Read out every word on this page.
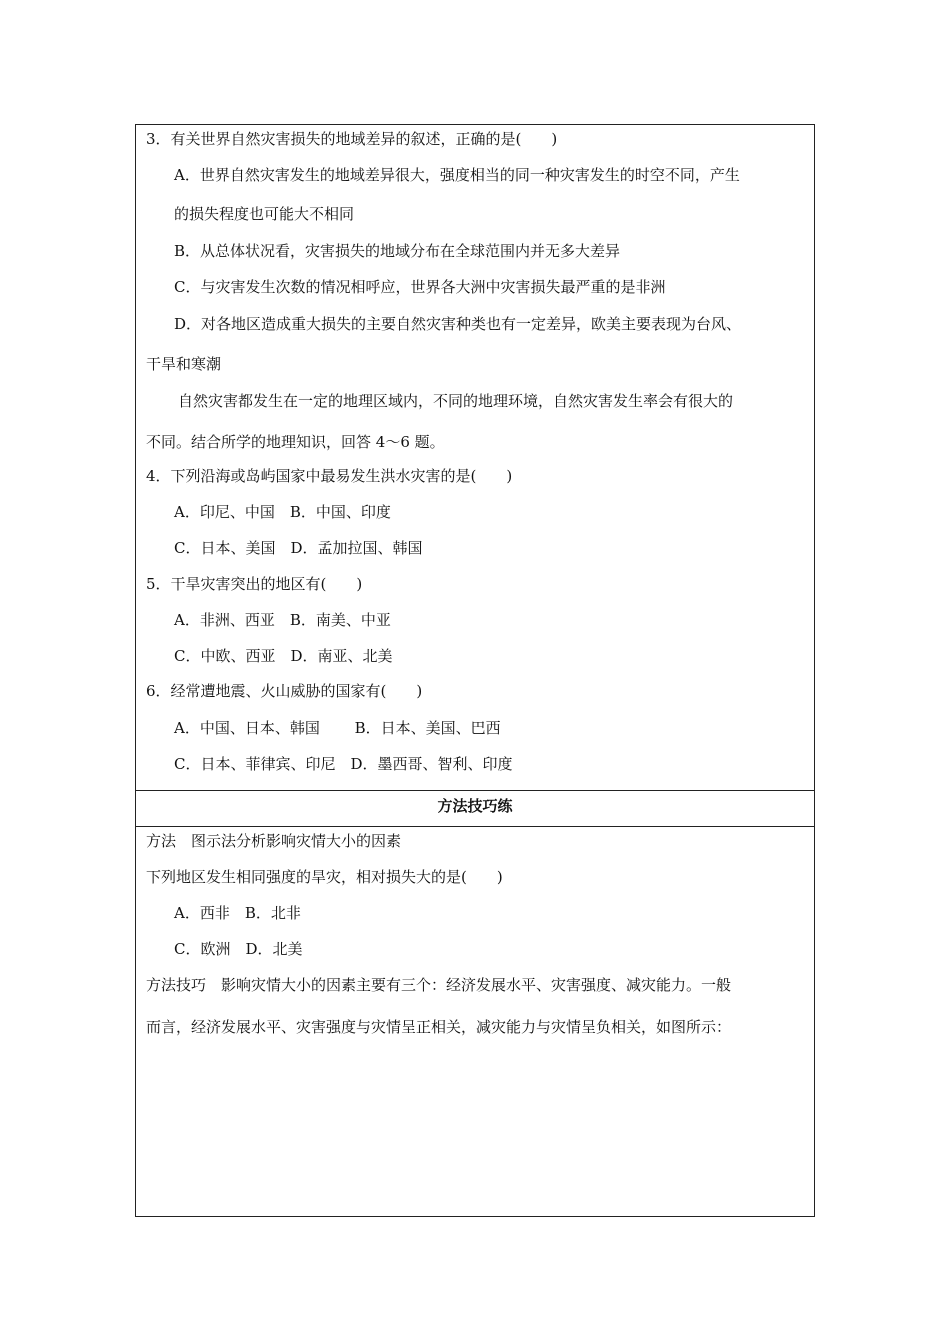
3．有关世界自然灾害损失的地域差异的叙述，正确的是(　　)
A．世界自然灾害发生的地域差异很大，强度相当的同一种灾害发生的时空不同，产生
的损失程度也可能大不相同
B．从总体状况看，灾害损失的地域分布在全球范围内并无多大差异
C．与灾害发生次数的情况相呼应，世界各大洲中灾害损失最严重的是非洲
D．对各地区造成重大损失的主要自然灾害种类也有一定差异，欧美主要表现为台风、
干旱和寒潮
自然灾害都发生在一定的地理区域内，不同的地理环境，自然灾害发生率会有很大的
不同。结合所学的地理知识，回答 4～6 题。
4．下列沿海或岛屿国家中最易发生洪水灾害的是(　　)
A．印尼、中国　B．中国、印度
C．日本、美国　D．孟加拉国、韩国
5．干旱灾害突出的地区有(　　)
A．非洲、西亚　B．南美、中亚
C．中欧、西亚　D．南亚、北美
6．经常遭地震、火山威胁的国家有(　　)
A．中国、日本、韩国　　 B．日本、美国、巴西
C．日本、菲律宾、印尼　D．墨西哥、智利、印度
方法技巧练
方法　图示法分析影响灾情大小的因素
下列地区发生相同强度的旱灾，相对损失大的是(　　)
A．西非　B．北非
C．欧洲　D．北美
方法技巧　影响灾情大小的因素主要有三个：经济发展水平、灾害强度、减灾能力。一般
而言，经济发展水平、灾害强度与灾情呈正相关，减灾能力与灾情呈负相关，如图所示：
